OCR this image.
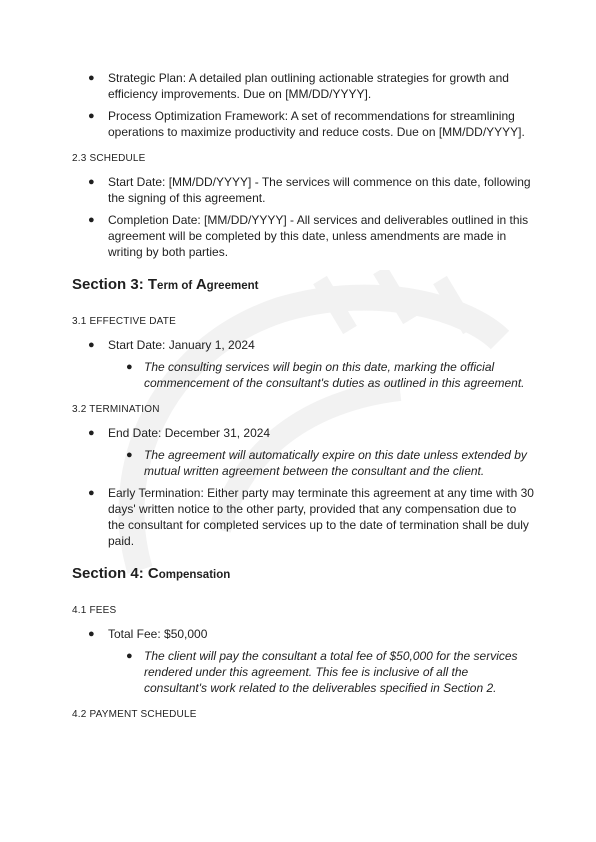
● Strategic Plan: A detailed plan outlining actionable strategies for growth and efficiency improvements. Due on [MM/DD/YYYY].
● Process Optimization Framework: A set of recommendations for streamlining operations to maximize productivity and reduce costs. Due on [MM/DD/YYYY].
2.3 SCHEDULE
● Start Date: [MM/DD/YYYY] - The services will commence on this date, following the signing of this agreement.
● Completion Date: [MM/DD/YYYY] - All services and deliverables outlined in this agreement will be completed by this date, unless amendments are made in writing by both parties.
Section 3: Term of Agreement
3.1 EFFECTIVE DATE
● Start Date: January 1, 2024
● The consulting services will begin on this date, marking the official commencement of the consultant's duties as outlined in this agreement.
3.2 TERMINATION
● End Date: December 31, 2024
● The agreement will automatically expire on this date unless extended by mutual written agreement between the consultant and the client.
● Early Termination: Either party may terminate this agreement at any time with 30 days' written notice to the other party, provided that any compensation due to the consultant for completed services up to the date of termination shall be duly paid.
Section 4: Compensation
4.1 FEES
● Total Fee: $50,000
● The client will pay the consultant a total fee of $50,000 for the services rendered under this agreement. This fee is inclusive of all the consultant's work related to the deliverables specified in Section 2.
4.2 PAYMENT SCHEDULE
